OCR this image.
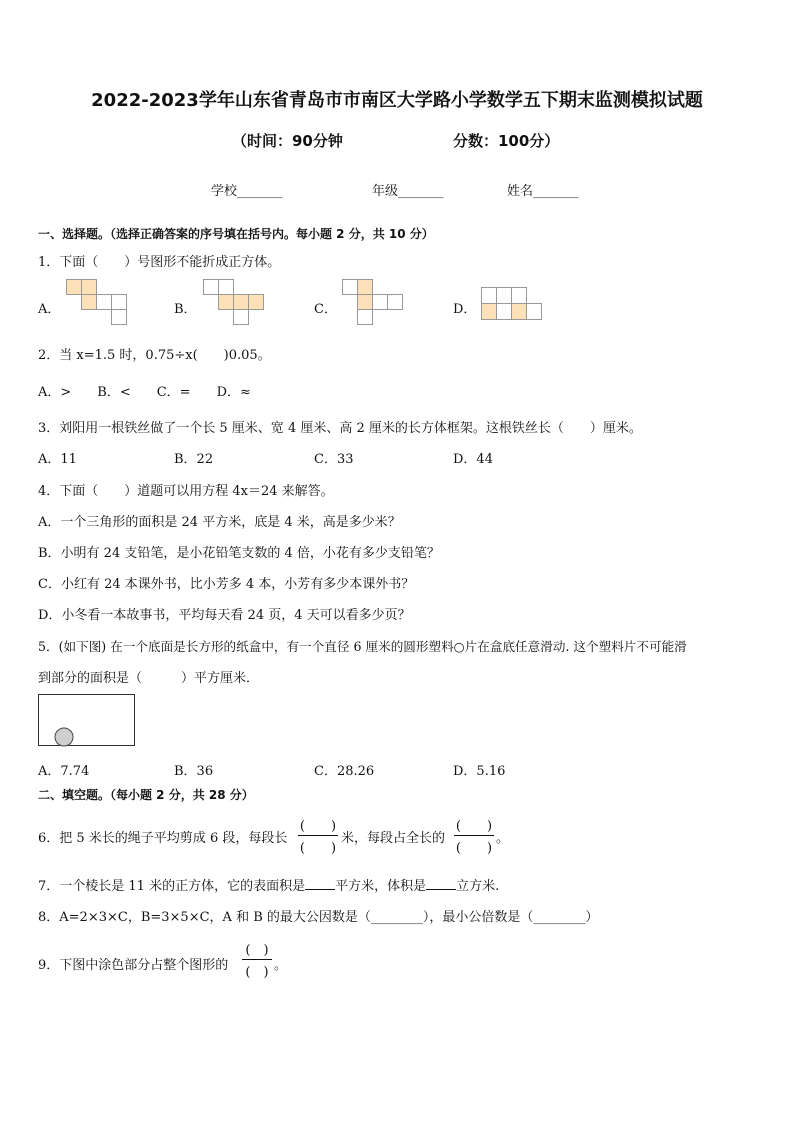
2022-2023学年山东省青岛市市南区大学路小学数学五下期末监测模拟试题
（时间：90分钟	分数：100分）
学校_______	年级_______	姓名_______
一、选择题。（选择正确答案的序号填在括号内。每小题 2 分，共 10 分）
1．下面（　　）号图形不能折成正方体。
A．	B．	C．	D．
2．当 x=1.5 时，0.75÷x(　　)0.05。
A．>　　B．<　　C．=　　D．≈
3．刘阳用一根铁丝做了一个长 5 厘米、宽 4 厘米、高 2 厘米的长方体框架。这根铁丝长（　　）厘米。
A．11	B．22	C．33	D．44
4．下面（　　）道题可以用方程 4x＝24 来解答。
A．一个三角形的面积是 24 平方米，底是 4 米，高是多少米？
B．小明有 24 支铅笔，是小花铅笔支数的 4 倍，小花有多少支铅笔？
C．小红有 24 本课外书，比小芳多 4 本，小芳有多少本课外书？
D．小冬看一本故事书，平均每天看 24 页，4 天可以看多少页？
5．(如下图) 在一个底面是长方形的纸盒中，有一个直径 6 厘米的圆形塑料○片在盒底任意滑动. 这个塑料片不可能滑
到部分的面积是（　　　）平方厘米．
A．7.74	B．36	C．28.26	D．5.16
二、填空题。（每小题 2 分，共 28 分）
6．把 5 米长的绳子平均剪成 6 段，每段长
(　　)
(　　)
米，每段占全长的
(　　)
(　　)
。
7．一个棱长是 11 米的正方体，它的表面积是 平方米，体积是 立方米.
8．A=2×3×C，B=3×5×C，A 和 B 的最大公因数是（________），最小公倍数是（________）
9．下图中涂色部分占整个图形的
(　)
(　) 。
